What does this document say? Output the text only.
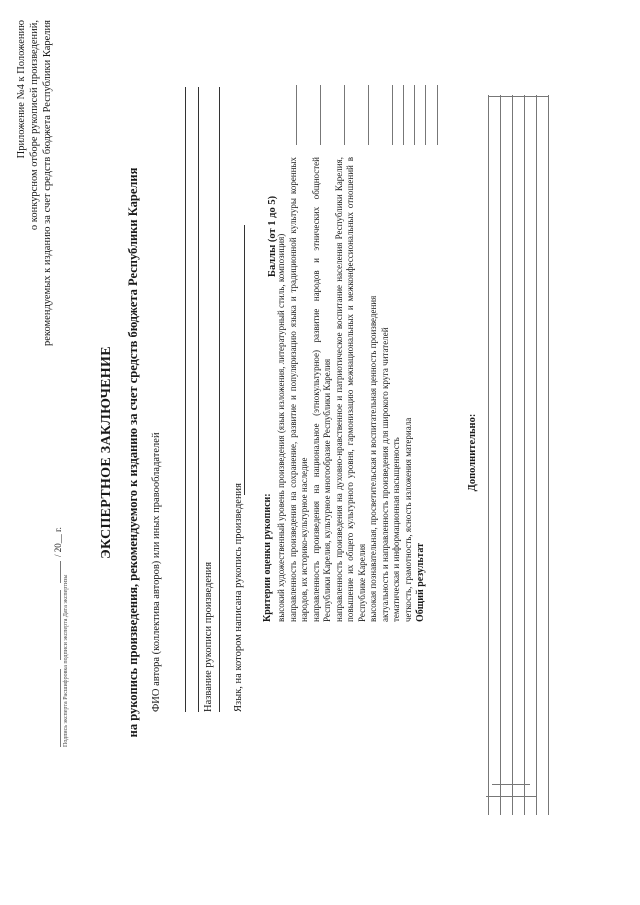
Приложение №4 к Положению о конкурсном отборе рукописей произведений, рекомендуемых к изданию за счет средств бюджета Республики Карелия
/ 20__ г.
Подпись эксперта Расшифровка подписи эксперта Дата экспертизы
ЭКСПЕРТНОЕ ЗАКЛЮЧЕНИЕ на рукопись произведения, рекомендуемого к изданию за счет средств бюджета Республики Карелия ФИО автора (коллектива авторов) или иных правообладателей	Название рукописи произведения Язык, на котором написана рукопись произведения
Баллы (от 1 до 5)
Критерии оценки рукописи: высокий художественный уровень произведения (язык изложения, литературный стиль, композиция) направленность произведения на сохранение, развитие и популяризацию языка и традиционной культуры коренных народов, их историко-культурное наследие направленность произведения на национальное (этнокультурное) развитие народов и этнических общностей Республики Карелия, культурное многообразие Республики Карелия направленность произведения на духовно-нравственное и патриотическое воспитание населения Республики Карелия, повышение их общего культурного уровня, гармонизацию межнациональных и межконфессиональных отношений в Республике Карелия высокая познавательная, просветительская и воспитательная ценность произведения актуальность и направленность произведения для широкого круга читателей тематическая и информационная насыщенность четкость, грамотность, ясность изложения материала Общий результат
Дополнительно:
